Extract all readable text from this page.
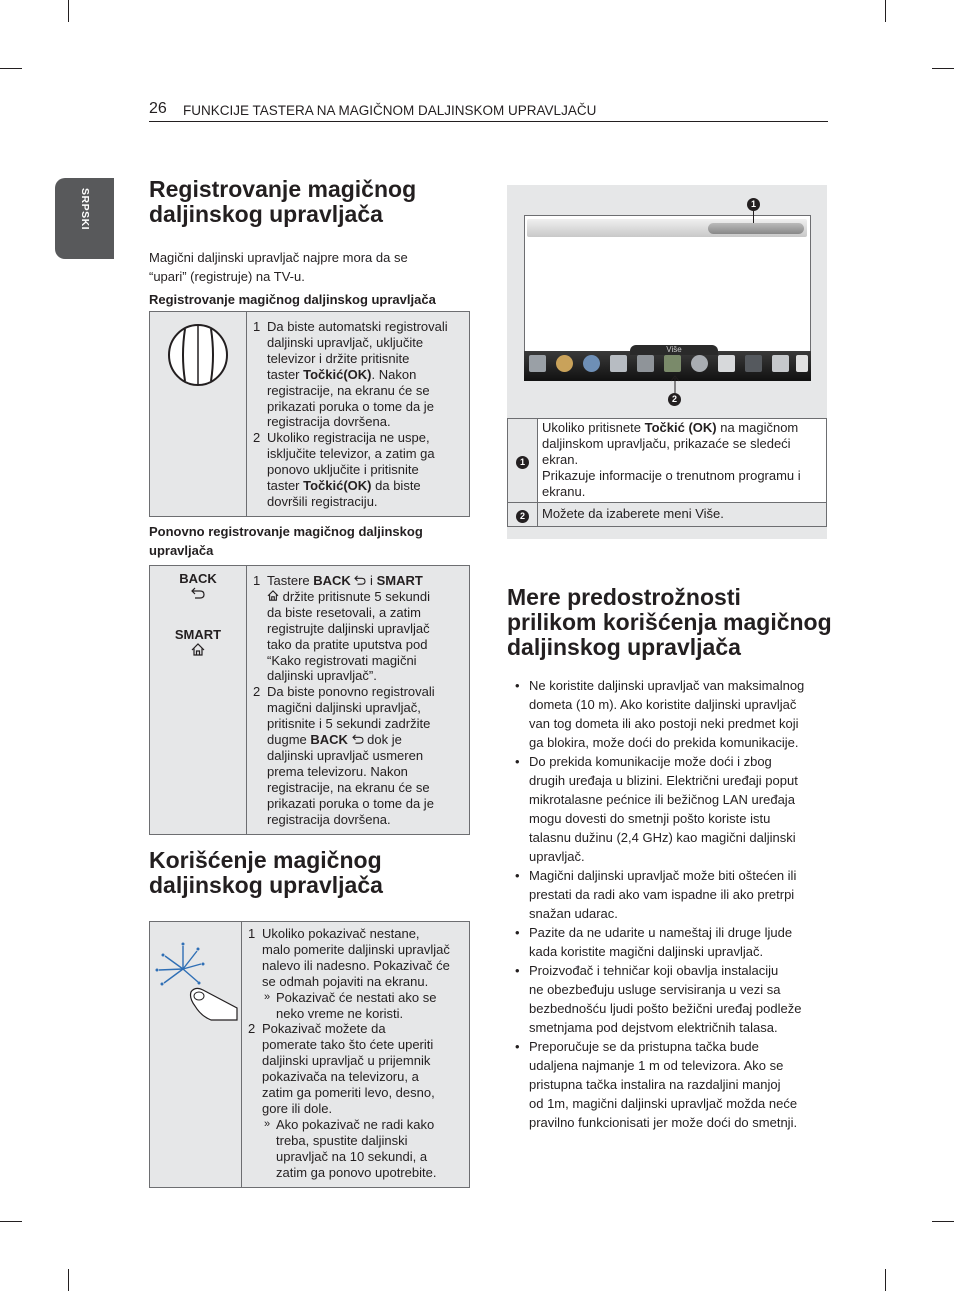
26 FUNKCIJE TASTERA NA MAGIČNOM DALJINSKOM UPRAVLJAČU
SRPSKI	Registrovanje magičnog
daljinskog upravljača
Magični daljinski upravljač najpre mora da se
“upari” (registruje) na TV-u.
Registrovanje magičnog daljinskog upravljača

1 Da biste automatski registrovali
daljinski upravljač, uključite
televizor i držite pritisnite
taster Točkić(OK). Nakon
registracije, na ekranu će se
prikazati poruka o tome da je
registracija dovršena.
2 Ukoliko registracija ne uspe,
isključite televizor, a zatim ga
ponovo uključite i pritisnite
taster Točkić(OK) da biste
dovršili registraciju.
Ponovno registrovanje magičnog daljinskog
upravljača
BACK
SMART

1 Tastere BACK  i SMART
držite pritisnute 5 sekundi
da biste resetovali, a zatim
registrujte daljinski upravljač
tako da pratite uputstva pod
“Kako registrovati magični
daljinski upravljač”.
2 Da biste ponovno registrovali
magični daljinski upravljač,
pritisnite i 5 sekundi zadržite
dugme BACK  dok je
daljinski upravljač usmeren
prema televizoru. Nakon
registracije, na ekranu će se
prikazati poruka o tome da je
registracija dovršena.
Korišćenje magičnog
daljinskog upravljača

1 Ukoliko pokazivač nestane,
malo pomerite daljinski upravljač
nalevo ili nadesno. Pokazivač će
se odmah pojaviti na ekranu.
» Pokazivač će nestati ako se
neko vreme ne koristi.
2 Pokazivač možete da
pomerate tako što ćete uperiti
daljinski upravljač u prijemnik
pokazivača na televizoru, a
zatim ga pomeriti levo, desno,
gore ili dole.
» Ako pokazivač ne radi kako
treba, spustite daljinski
upravljač na 10 sekundi, a
zatim ga ponovo upotrebite.
Više
1
2
1	Ukoliko pritisnete Točkić (OK) na magičnom
daljinskom upravljaču, prikazaće se sledeći
ekran.
Prikazuje informacije o trenutnom programu i
ekranu.
2	Možete da izaberete meni Više.
Mere predostrožnosti
prilikom korišćenja magičnog
daljinskog upravljača
• Ne koristite daljinski upravljač van maksimalnog
dometa (10 m). Ako koristite daljinski upravljač
van tog dometa ili ako postoji neki predmet koji
ga blokira, može doći do prekida komunikacije.
• Do prekida komunikacije može doći i zbog
drugih uređaja u blizini. Električni uređaji poput
mikrotalasne pećnice ili bežičnog LAN uređaja
mogu dovesti do smetnji pošto koriste istu
talasnu dužinu (2,4 GHz) kao magični daljinski
upravljač.
• Magični daljinski upravljač može biti oštećen ili
prestati da radi ako vam ispadne ili ako pretrpi
snažan udarac.
• Pazite da ne udarite u nameštaj ili druge ljude
kada koristite magični daljinski upravljač.
• Proizvođač i tehničar koji obavlja instalaciju
ne obezbeđuju usluge servisiranja u vezi sa
bezbednošću ljudi pošto bežični uređaj podleže
smetnjama pod dejstvom električnih talasa.
• Preporučuje se da pristupna tačka bude
udaljena najmanje 1 m od televizora. Ako se
pristupna tačka instalira na razdaljini manjoj
od 1m, magični daljinski upravljač možda neće
pravilno funkcionisati jer može doći do smetnji.
